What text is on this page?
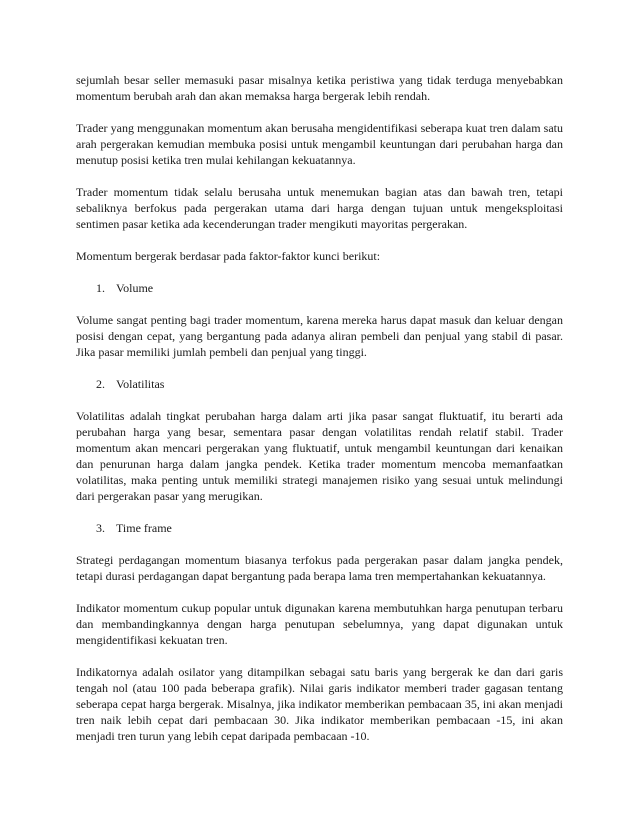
sejumlah besar seller memasuki pasar misalnya ketika peristiwa yang tidak terduga menyebabkan momentum berubah arah dan akan memaksa harga bergerak lebih rendah.

Trader yang menggunakan momentum akan berusaha mengidentifikasi seberapa kuat tren dalam satu arah pergerakan kemudian membuka posisi untuk mengambil keuntungan dari perubahan harga dan menutup posisi ketika tren mulai kehilangan kekuatannya.

Trader momentum tidak selalu berusaha untuk menemukan bagian atas dan bawah tren, tetapi sebaliknya berfokus pada pergerakan utama dari harga dengan tujuan untuk mengeksploitasi sentimen pasar ketika ada kecenderungan trader mengikuti mayoritas pergerakan.

Momentum bergerak berdasar pada faktor-faktor kunci berikut:

1. Volume

Volume sangat penting bagi trader momentum, karena mereka harus dapat masuk dan keluar dengan posisi dengan cepat, yang bergantung pada adanya aliran pembeli dan penjual yang stabil di pasar. Jika pasar memiliki jumlah pembeli dan penjual yang tinggi.

2. Volatilitas

Volatilitas adalah tingkat perubahan harga dalam arti jika pasar sangat fluktuatif, itu berarti ada perubahan harga yang besar, sementara pasar dengan volatilitas rendah relatif stabil. Trader momentum akan mencari pergerakan yang fluktuatif, untuk mengambil keuntungan dari kenaikan dan penurunan harga dalam jangka pendek. Ketika trader momentum mencoba memanfaatkan volatilitas, maka penting untuk memiliki strategi manajemen risiko yang sesuai untuk melindungi dari pergerakan pasar yang merugikan.

3. Time frame

Strategi perdagangan momentum biasanya terfokus pada pergerakan pasar dalam jangka pendek, tetapi durasi perdagangan dapat bergantung pada berapa lama tren mempertahankan kekuatannya.

Indikator momentum cukup popular untuk digunakan karena membutuhkan harga penutupan terbaru dan membandingkannya dengan harga penutupan sebelumnya, yang dapat digunakan untuk mengidentifikasi kekuatan tren.

Indikatornya adalah osilator yang ditampilkan sebagai satu baris yang bergerak ke dan dari garis tengah nol (atau 100 pada beberapa grafik). Nilai garis indikator memberi trader gagasan tentang seberapa cepat harga bergerak. Misalnya, jika indikator memberikan pembacaan 35, ini akan menjadi tren naik lebih cepat dari pembacaan 30. Jika indikator memberikan pembacaan -15, ini akan menjadi tren turun yang lebih cepat daripada pembacaan -10.
